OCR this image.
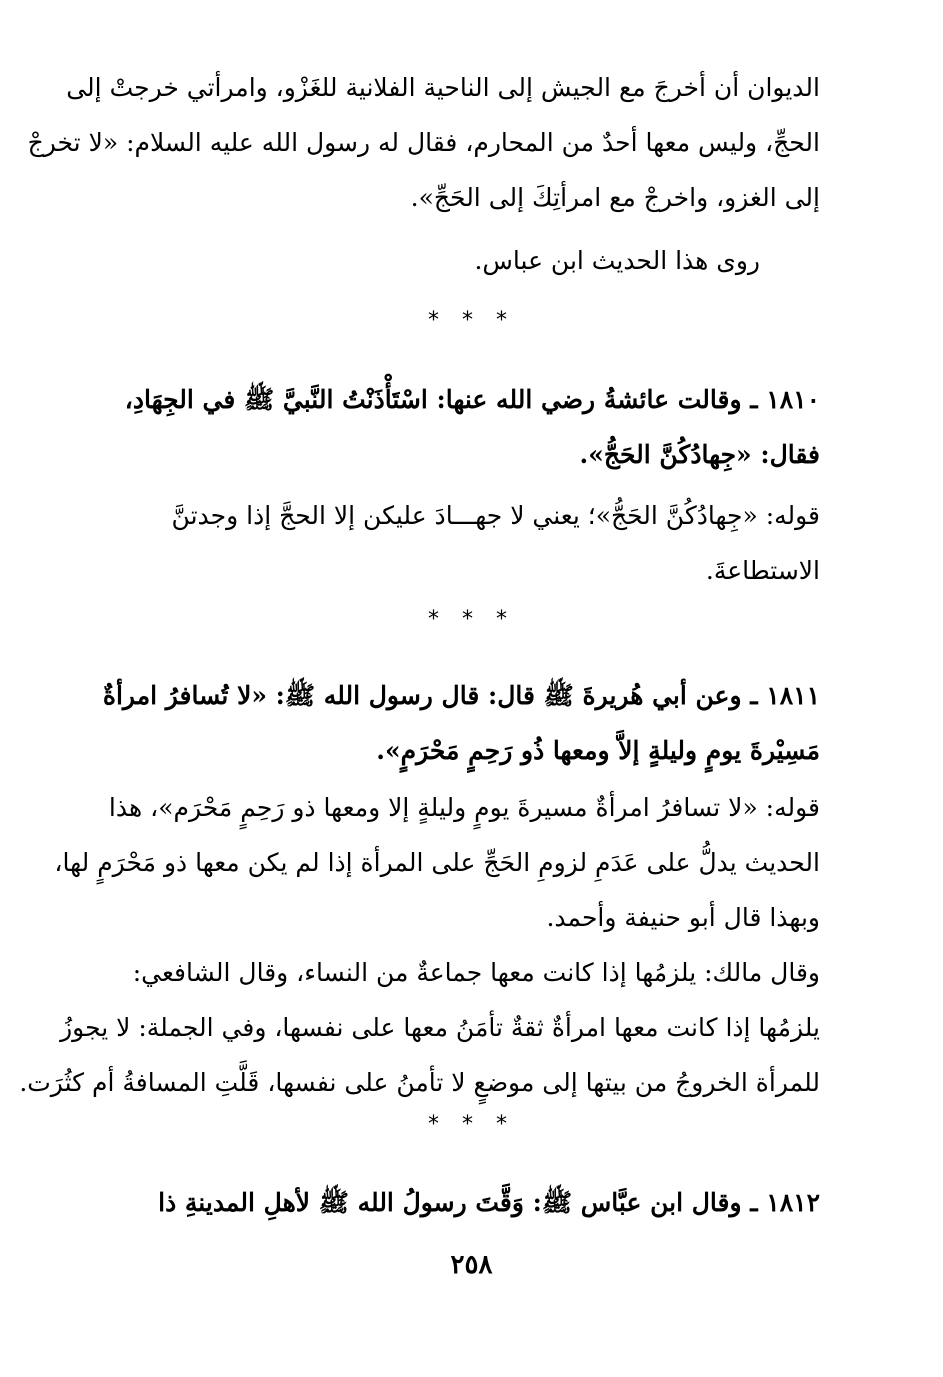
الديوان أن أخرجَ مع الجيش إلى الناحية الفلانية للغَزْو، وامرأتي خرجتْ إلى
الحجِّ، وليس معها أحدٌ من المحارم، فقال له رسول الله عليه السلام: «لا تخرجْ
إلى الغزو، واخرجْ مع امرأتِكَ إلى الحَجِّ».

روى هذا الحديث ابن عباس.

* * *

١٨١٠ ـ وقالت عائشةُ رضي الله عنها: اسْتَأْذَنْتُ النَّبيَّ ﷺ في الجِهَادِ،
فقال: «جِهادُكُنَّ الحَجُّ».

قوله: «جِهادُكُنَّ الحَجُّ»؛ يعني لا جهـــادَ عليكن إلا الحجَّ إذا وجدتنَّ
الاستطاعةَ.

* * *

١٨١١ ـ وعن أبي هُريرةَ ﷺ قال: قال رسول الله ﷺ: «لا تُسافرُ امرأةٌ
مَسِيْرةَ يومٍ وليلةٍ إلاَّ ومعها ذُو رَحِمٍ مَحْرَمٍ».

قوله: «لا تسافرُ امرأةٌ مسيرةَ يومٍ وليلةٍ إلا ومعها ذو رَحِمٍ مَحْرَم»، هذا
الحديث يدلُّ على عَدَمِ لزومِ الحَجِّ على المرأة إذا لم يكن معها ذو مَحْرَمٍ لها،
وبهذا قال أبو حنيفة وأحمد.

وقال مالك: يلزمُها إذا كانت معها جماعةٌ من النساء، وقال الشافعي:
يلزمُها إذا كانت معها امرأةٌ ثقةٌ تأمَنُ معها على نفسها، وفي الجملة: لا يجوزُ
للمرأة الخروجُ من بيتها إلى موضعٍ لا تأمنُ على نفسها، قَلَّتِ المسافةُ أم كثُرَت.

* * *

١٨١٢ ـ وقال ابن عبَّاس ﷺ: وَقَّتَ رسولُ الله ﷺ لأهلِ المدينةِ ذا

٢٥٨
